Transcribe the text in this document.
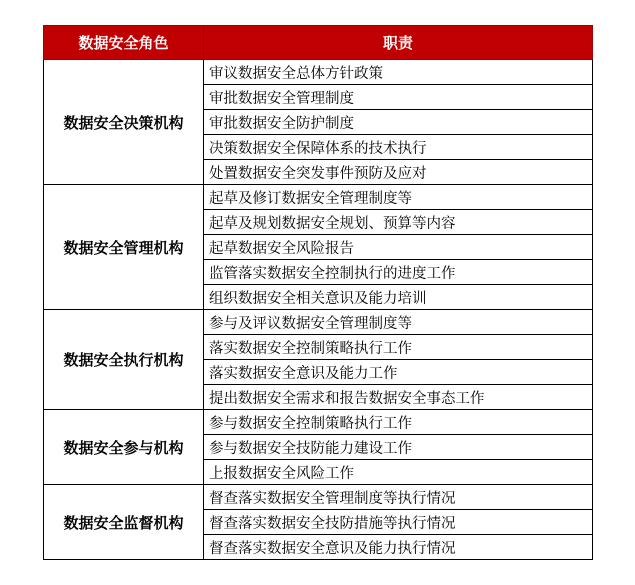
数据安全角色	职责
数据安全决策机构	审议数据安全总体方针政策
	审批数据安全管理制度
	审批数据安全防护制度
	决策数据安全保障体系的技术执行
	处置数据安全突发事件预防及应对
数据安全管理机构	起草及修订数据安全管理制度等
	起草及规划数据安全规划、预算等内容
	起草数据安全风险报告
	监管落实数据安全控制执行的进度工作
	组织数据安全相关意识及能力培训
数据安全执行机构	参与及评议数据安全管理制度等
	落实数据安全控制策略执行工作
	落实数据安全意识及能力工作
	提出数据安全需求和报告数据安全事态工作
数据安全参与机构	参与数据安全控制策略执行工作
	参与数据安全技防能力建设工作
	上报数据安全风险工作
数据安全监督机构	督查落实数据安全管理制度等执行情况
	督查落实数据安全技防措施等执行情况
	督查落实数据安全意识及能力执行情况
